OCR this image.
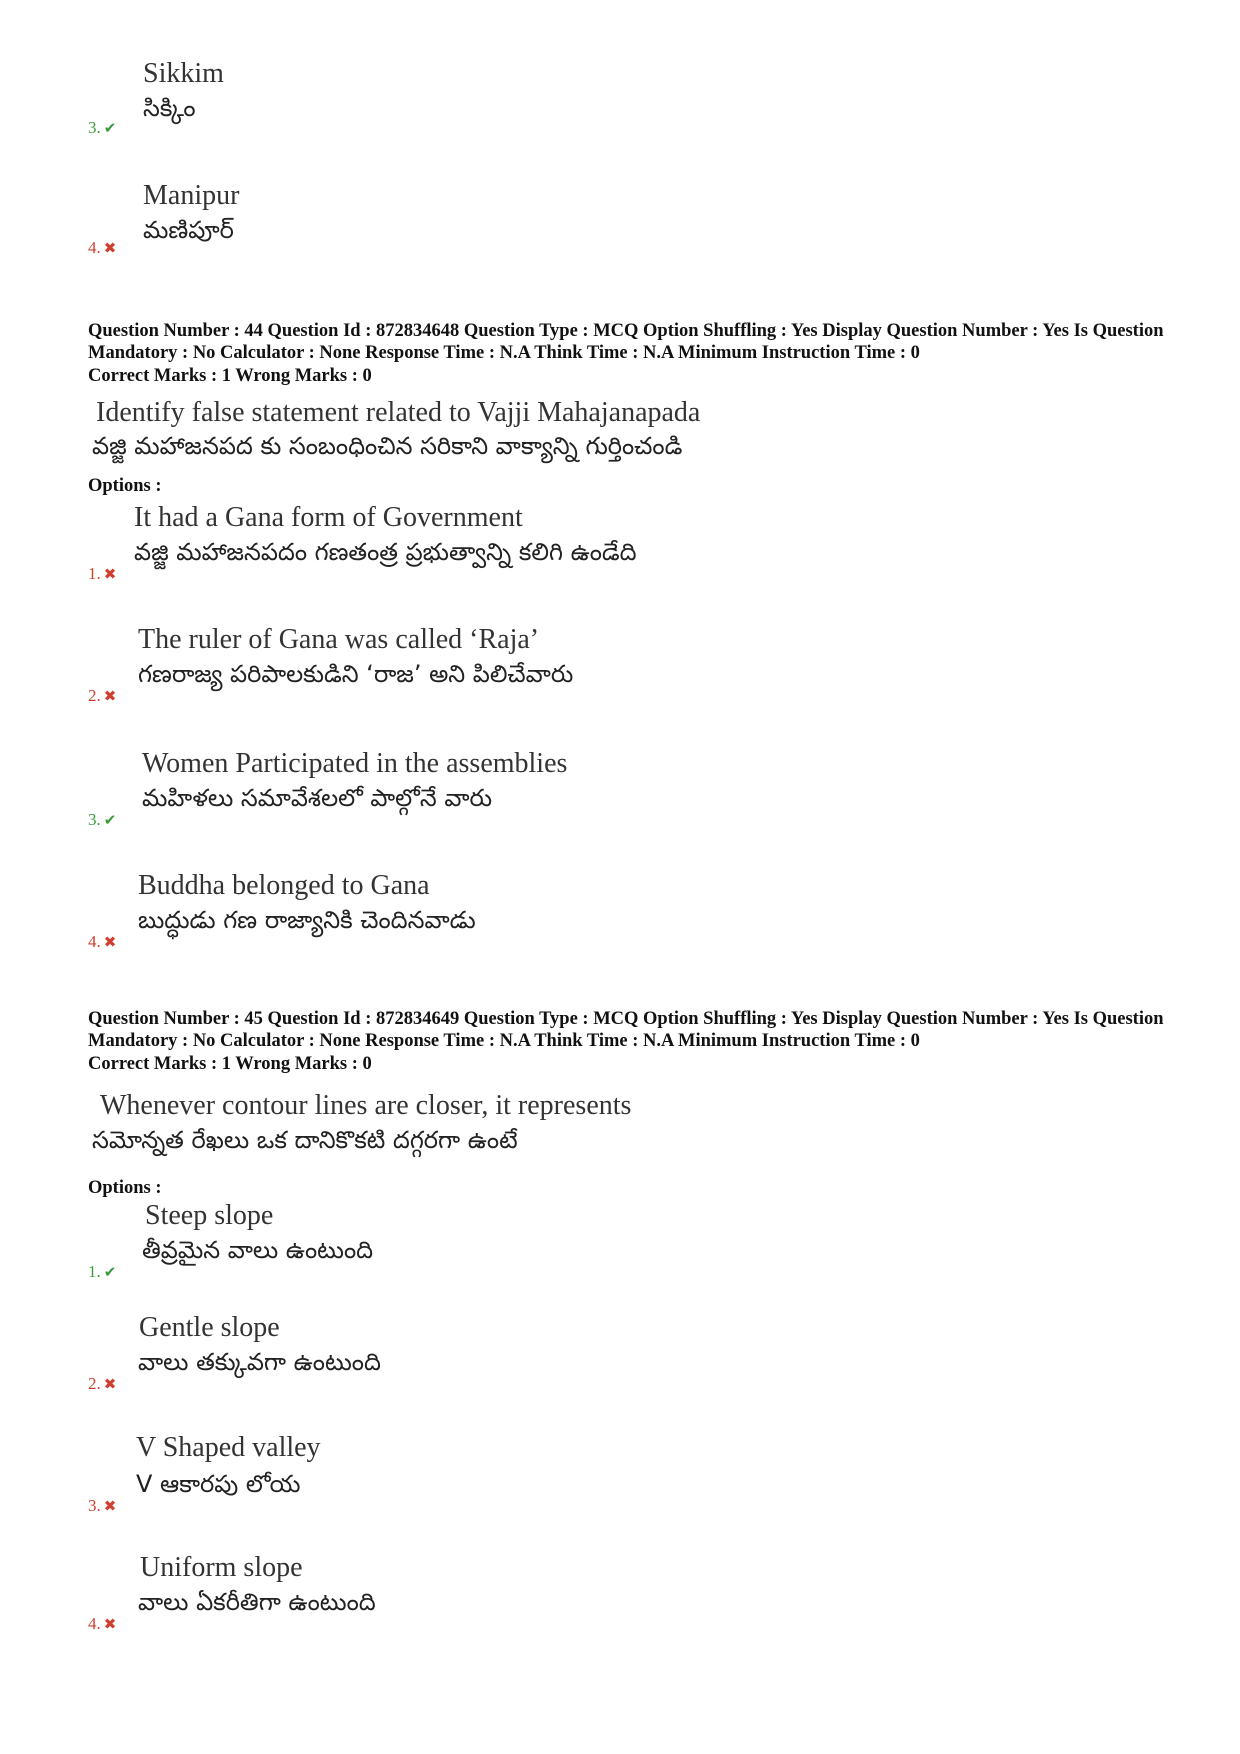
Sikkim
సిక్కిం
3. ✔
Manipur
మణిపూర్
4. ✖
Question Number : 44 Question Id : 872834648 Question Type : MCQ Option Shuffling : Yes Display Question Number : Yes Is Question Mandatory : No Calculator : None Response Time : N.A Think Time : N.A Minimum Instruction Time : 0
Correct Marks : 1 Wrong Marks : 0
Identify false statement related to Vajji Mahajanapada
వజ్జి మహాజనపద కు సంబంధించిన సరికాని వాక్యాన్ని గుర్తించండి
Options :
It had a Gana form of Government
వజ్జి మహాజనపదం గణతంత్ర ప్రభుత్వాన్ని కలిగి ఉండేది
1. ✖
The ruler of Gana was called ‘Raja’
గణరాజ్య పరిపాలకుడిని ‘రాజ’ అని పిలిచేవారు
2. ✖
Women Participated in the assemblies
మహిళలు సమావేశలలో పాల్గోనే వారు
3. ✔
Buddha belonged to Gana
బుద్ధుడు గణ రాజ్యానికి చెందినవాడు
4. ✖
Question Number : 45 Question Id : 872834649 Question Type : MCQ Option Shuffling : Yes Display Question Number : Yes Is Question Mandatory : No Calculator : None Response Time : N.A Think Time : N.A Minimum Instruction Time : 0
Correct Marks : 1 Wrong Marks : 0
Whenever contour lines are closer, it represents
సమోన్నత రేఖలు ఒక దానికొకటి దగ్గరగా ఉంటే
Options :
Steep slope
తీవ్రమైన వాలు ఉంటుంది
1. ✔
Gentle slope
వాలు తక్కువగా ఉంటుంది
2. ✖
V Shaped valley
V ఆకారపు లోయ
3. ✖
Uniform slope
వాలు ఏకరీతిగా ఉంటుంది
4. ✖
